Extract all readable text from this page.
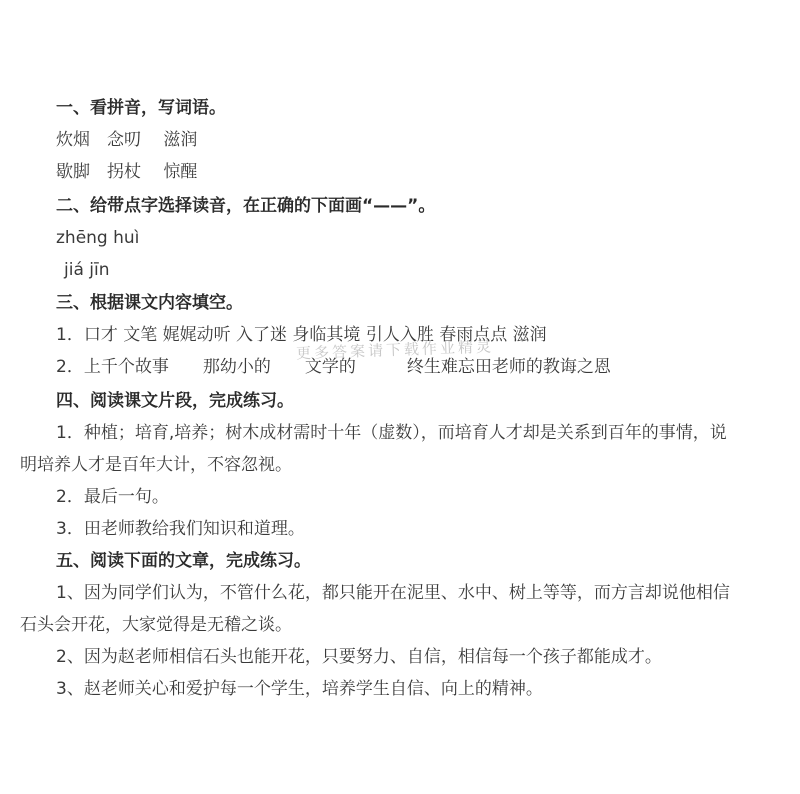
一、看拼音，写词语。
炊烟　念叨　 滋润
歇脚　拐杖　 惊醒
二、给带点字选择读音，在正确的下面画“——”。
zhēng huì
jiá jīn
三、根据课文内容填空。
1．口才 文笔 娓娓动听 入了迷 身临其境 引人入胜 春雨点点 滋润
2．上千个故事　　那幼小的　　文学的　　　终生难忘田老师的教诲之恩
四、阅读课文片段，完成练习。
1．种植；培育,培养；树木成材需时十年（虚数），而培育人才却是关系到百年的事情，说
明培养人才是百年大计，不容忽视。
2．最后一句。
3．田老师教给我们知识和道理。
五、阅读下面的文章，完成练习。
1、因为同学们认为，不管什么花，都只能开在泥里、水中、树上等等，而方言却说他相信
石头会开花，大家觉得是无稽之谈。
2、因为赵老师相信石头也能开花，只要努力、自信，相信每一个孩子都能成才。
3、赵老师关心和爱护每一个学生，培养学生自信、向上的精神。
更多答案请下载作业精灵
